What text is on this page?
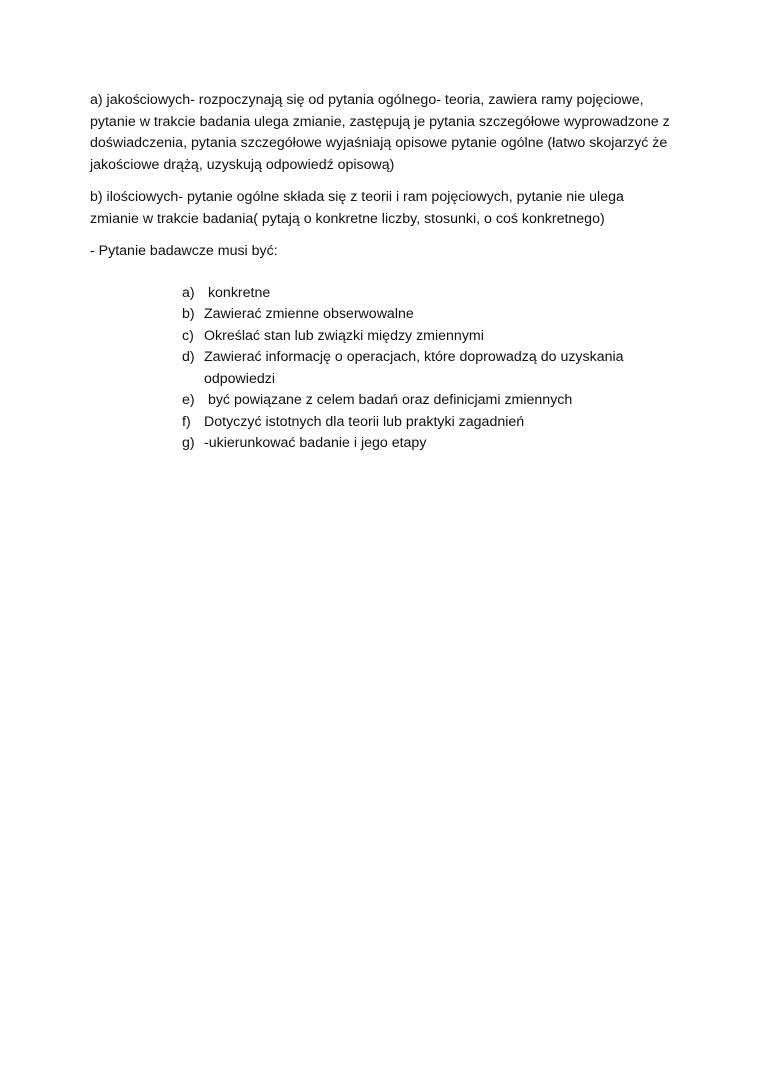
a) jakościowych- rozpoczynają się od pytania ogólnego- teoria, zawiera ramy pojęciowe,
pytanie w trakcie badania ulega zmianie, zastępują je pytania szczegółowe wyprowadzone z
doświadczenia, pytania szczegółowe wyjaśniają opisowe pytanie ogólne (łatwo skojarzyć że
jakościowe drążą, uzyskują odpowiedź opisową)

b) ilościowych- pytanie ogólne składa się z teorii i ram pojęciowych, pytanie nie ulega
zmianie w trakcie badania( pytają o konkretne liczby, stosunki, o coś konkretnego)

- Pytanie badawcze musi być:

a) konkretne
b) Zawierać zmienne obserwowalne
c) Określać stan lub związki między zmiennymi
d) Zawierać informację o operacjach, które doprowadzą do uzyskania
odpowiedzi
e) być powiązane z celem badań oraz definicjami zmiennych
f) Dotyczyć istotnych dla teorii lub praktyki zagadnień
g) -ukierunkować badanie i jego etapy
